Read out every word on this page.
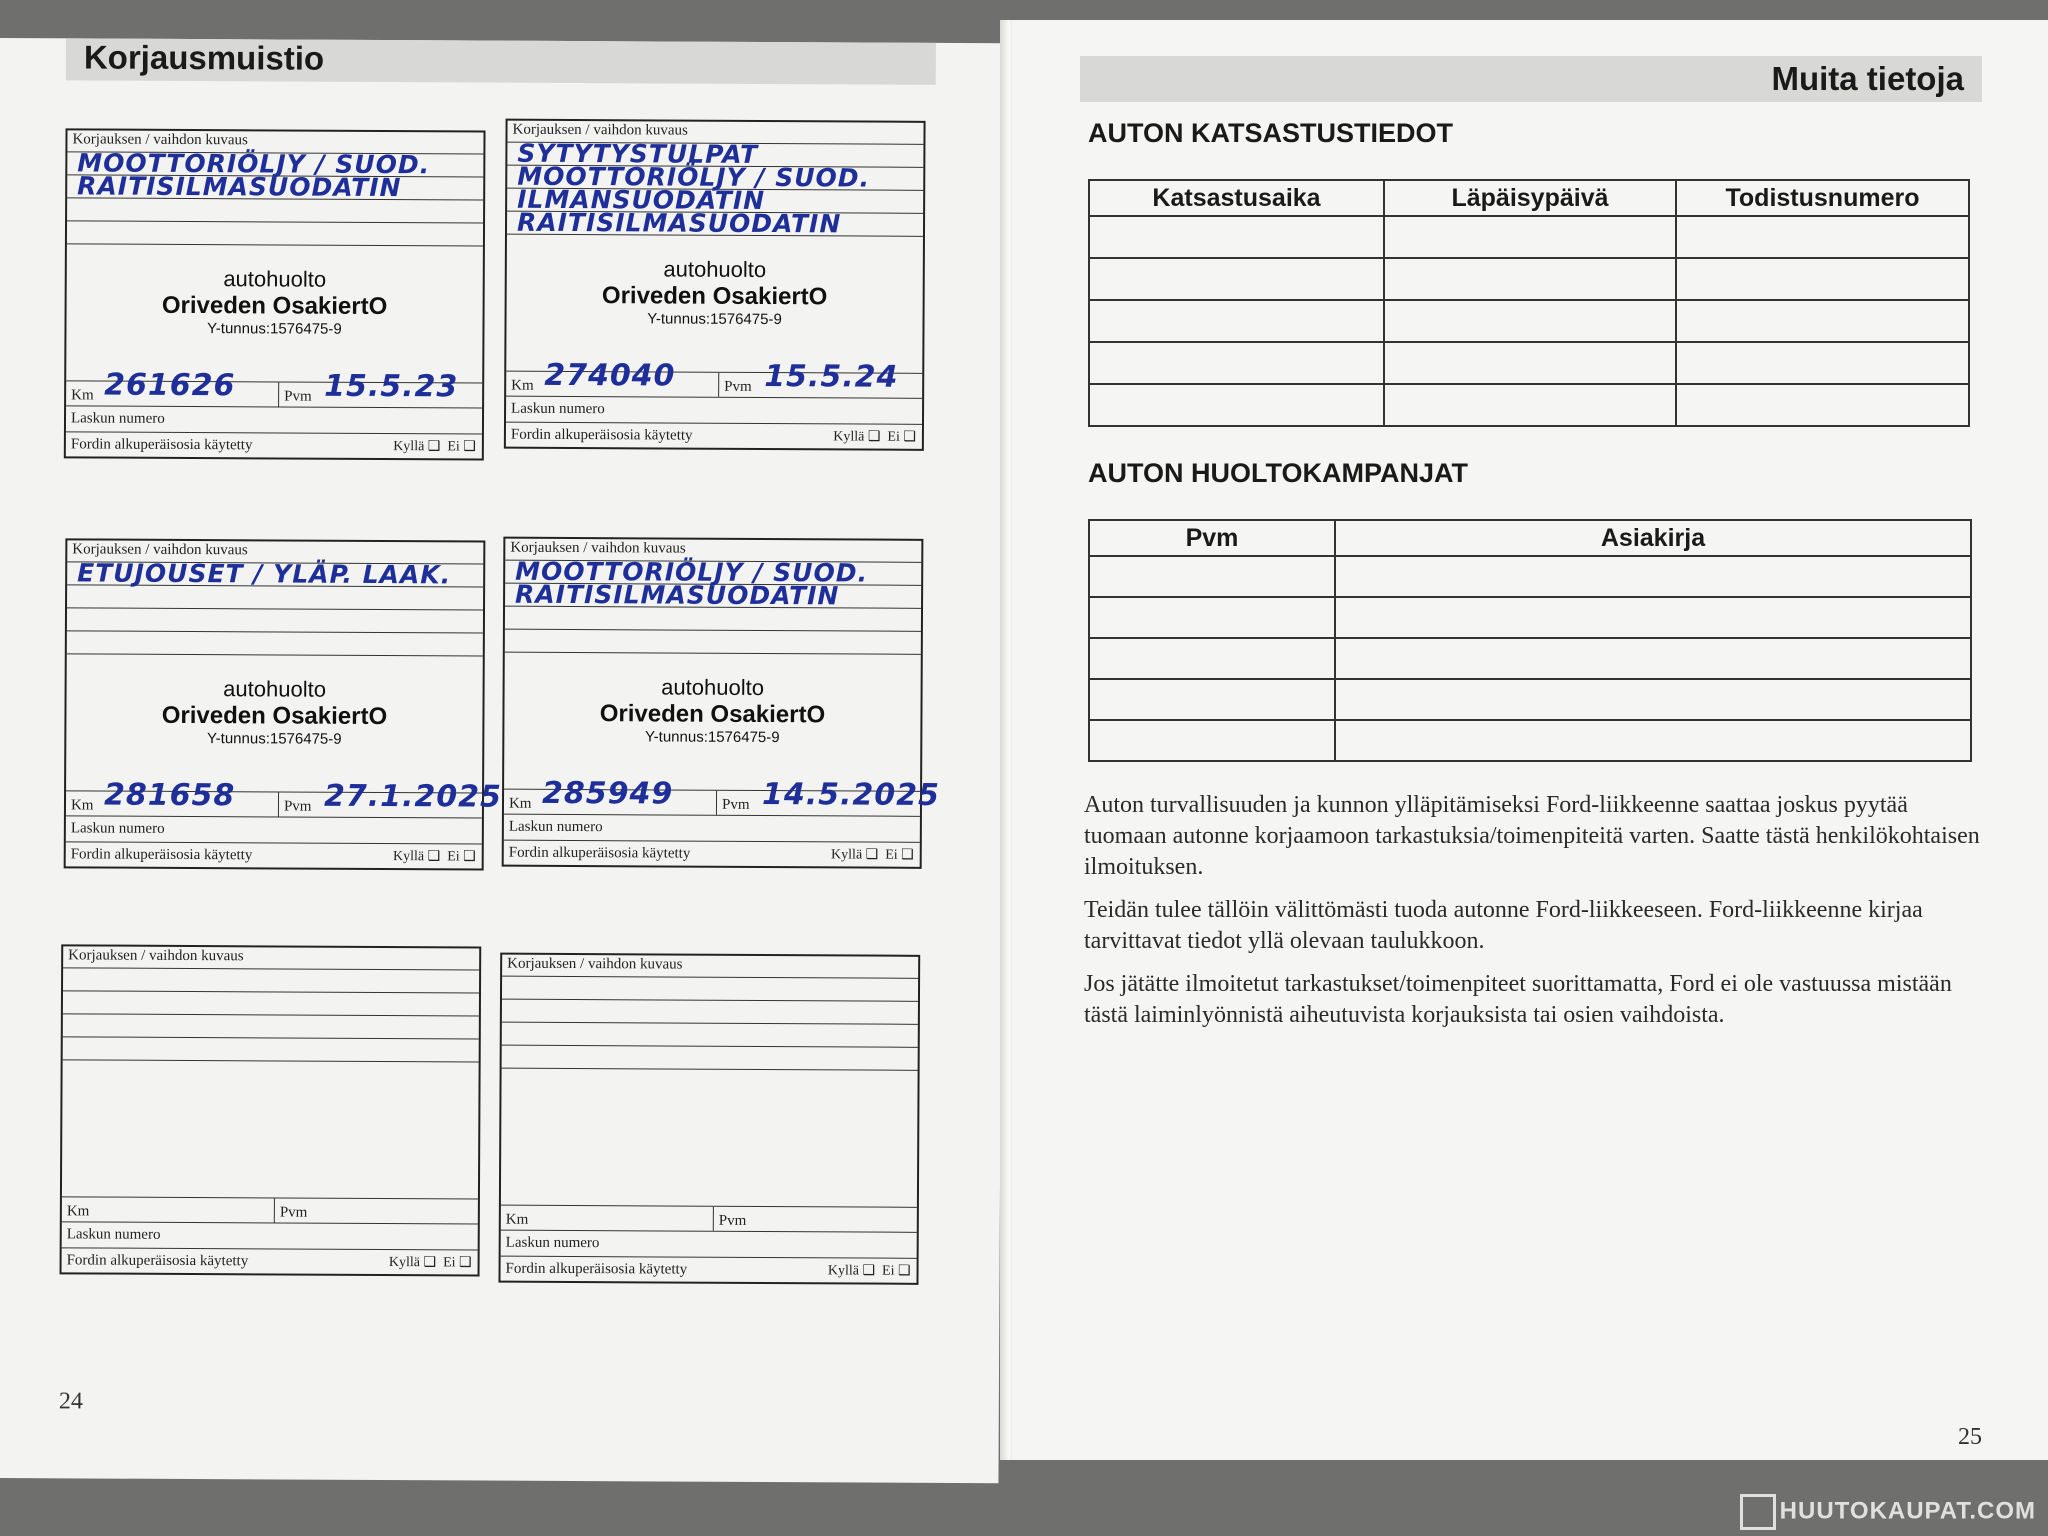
Korjausmuistio
Korjauksen / vaihdon kuvaus
MOOTTORIÖLJY / SUOD.
RAITISILMASUODATIN
autohuolto
Oriveden OsakiertO
Y-tunnus:1576475-9
Km	Pvm
261626	15.5.23
Laskun numero
Fordin alkuperäisosia käytetty	Kyllä ❑ Ei ❑
Korjauksen / vaihdon kuvaus
SYTYTYSTULPAT
MOOTTORIÖLJY / SUOD.
ILMANSUODATIN
RAITISILMASUODATIN
autohuolto
Oriveden OsakiertO
Y-tunnus:1576475-9
Km	Pvm
274040	15.5.24
Laskun numero
Fordin alkuperäisosia käytetty	Kyllä ❑ Ei ❑
Korjauksen / vaihdon kuvaus
ETUJOUSET / YLÄP. LAAK.
autohuolto
Oriveden OsakiertO
Y-tunnus:1576475-9
Km	Pvm
281658	27.1.2025
Laskun numero
Fordin alkuperäisosia käytetty	Kyllä ❑ Ei ❑
Korjauksen / vaihdon kuvaus
MOOTTORIÖLJY / SUOD.
RAITISILMASUODATIN
autohuolto
Oriveden OsakiertO
Y-tunnus:1576475-9
Km	Pvm
285949	14.5.2025
Laskun numero
Fordin alkuperäisosia käytetty	Kyllä ❑ Ei ❑
Korjauksen / vaihdon kuvaus
Km	Pvm
Laskun numero
Fordin alkuperäisosia käytetty	Kyllä ❑ Ei ❑
Korjauksen / vaihdon kuvaus
Km	Pvm
Laskun numero
Fordin alkuperäisosia käytetty	Kyllä ❑ Ei ❑
24
Muita tietoja
AUTON KATSASTUSTIEDOT
Katsastusaika	Läpäisypäivä	Todistusnumero

AUTON HUOLTOKAMPANJAT
Pvm	Asiakirja

Auton turvallisuuden ja kunnon ylläpitämiseksi Ford-liikkeenne saattaa joskus pyytää tuomaan autonne korjaamoon tarkastuksia/toimenpiteitä varten. Saatte tästä henkilökohtaisen ilmoituksen.

Teidän tulee tällöin välittömästi tuoda autonne Ford-liikkeeseen. Ford-liikkeenne kirjaa tarvittavat tiedot yllä olevaan taulukkoon.

Jos jätätte ilmoitetut tarkastukset/toimenpiteet suorittamatta, Ford ei ole vastuussa mistään tästä laiminlyönnistä aiheutuvista korjauksista tai osien vaihdoista.

25
HUUTOKAUPAT.COM
